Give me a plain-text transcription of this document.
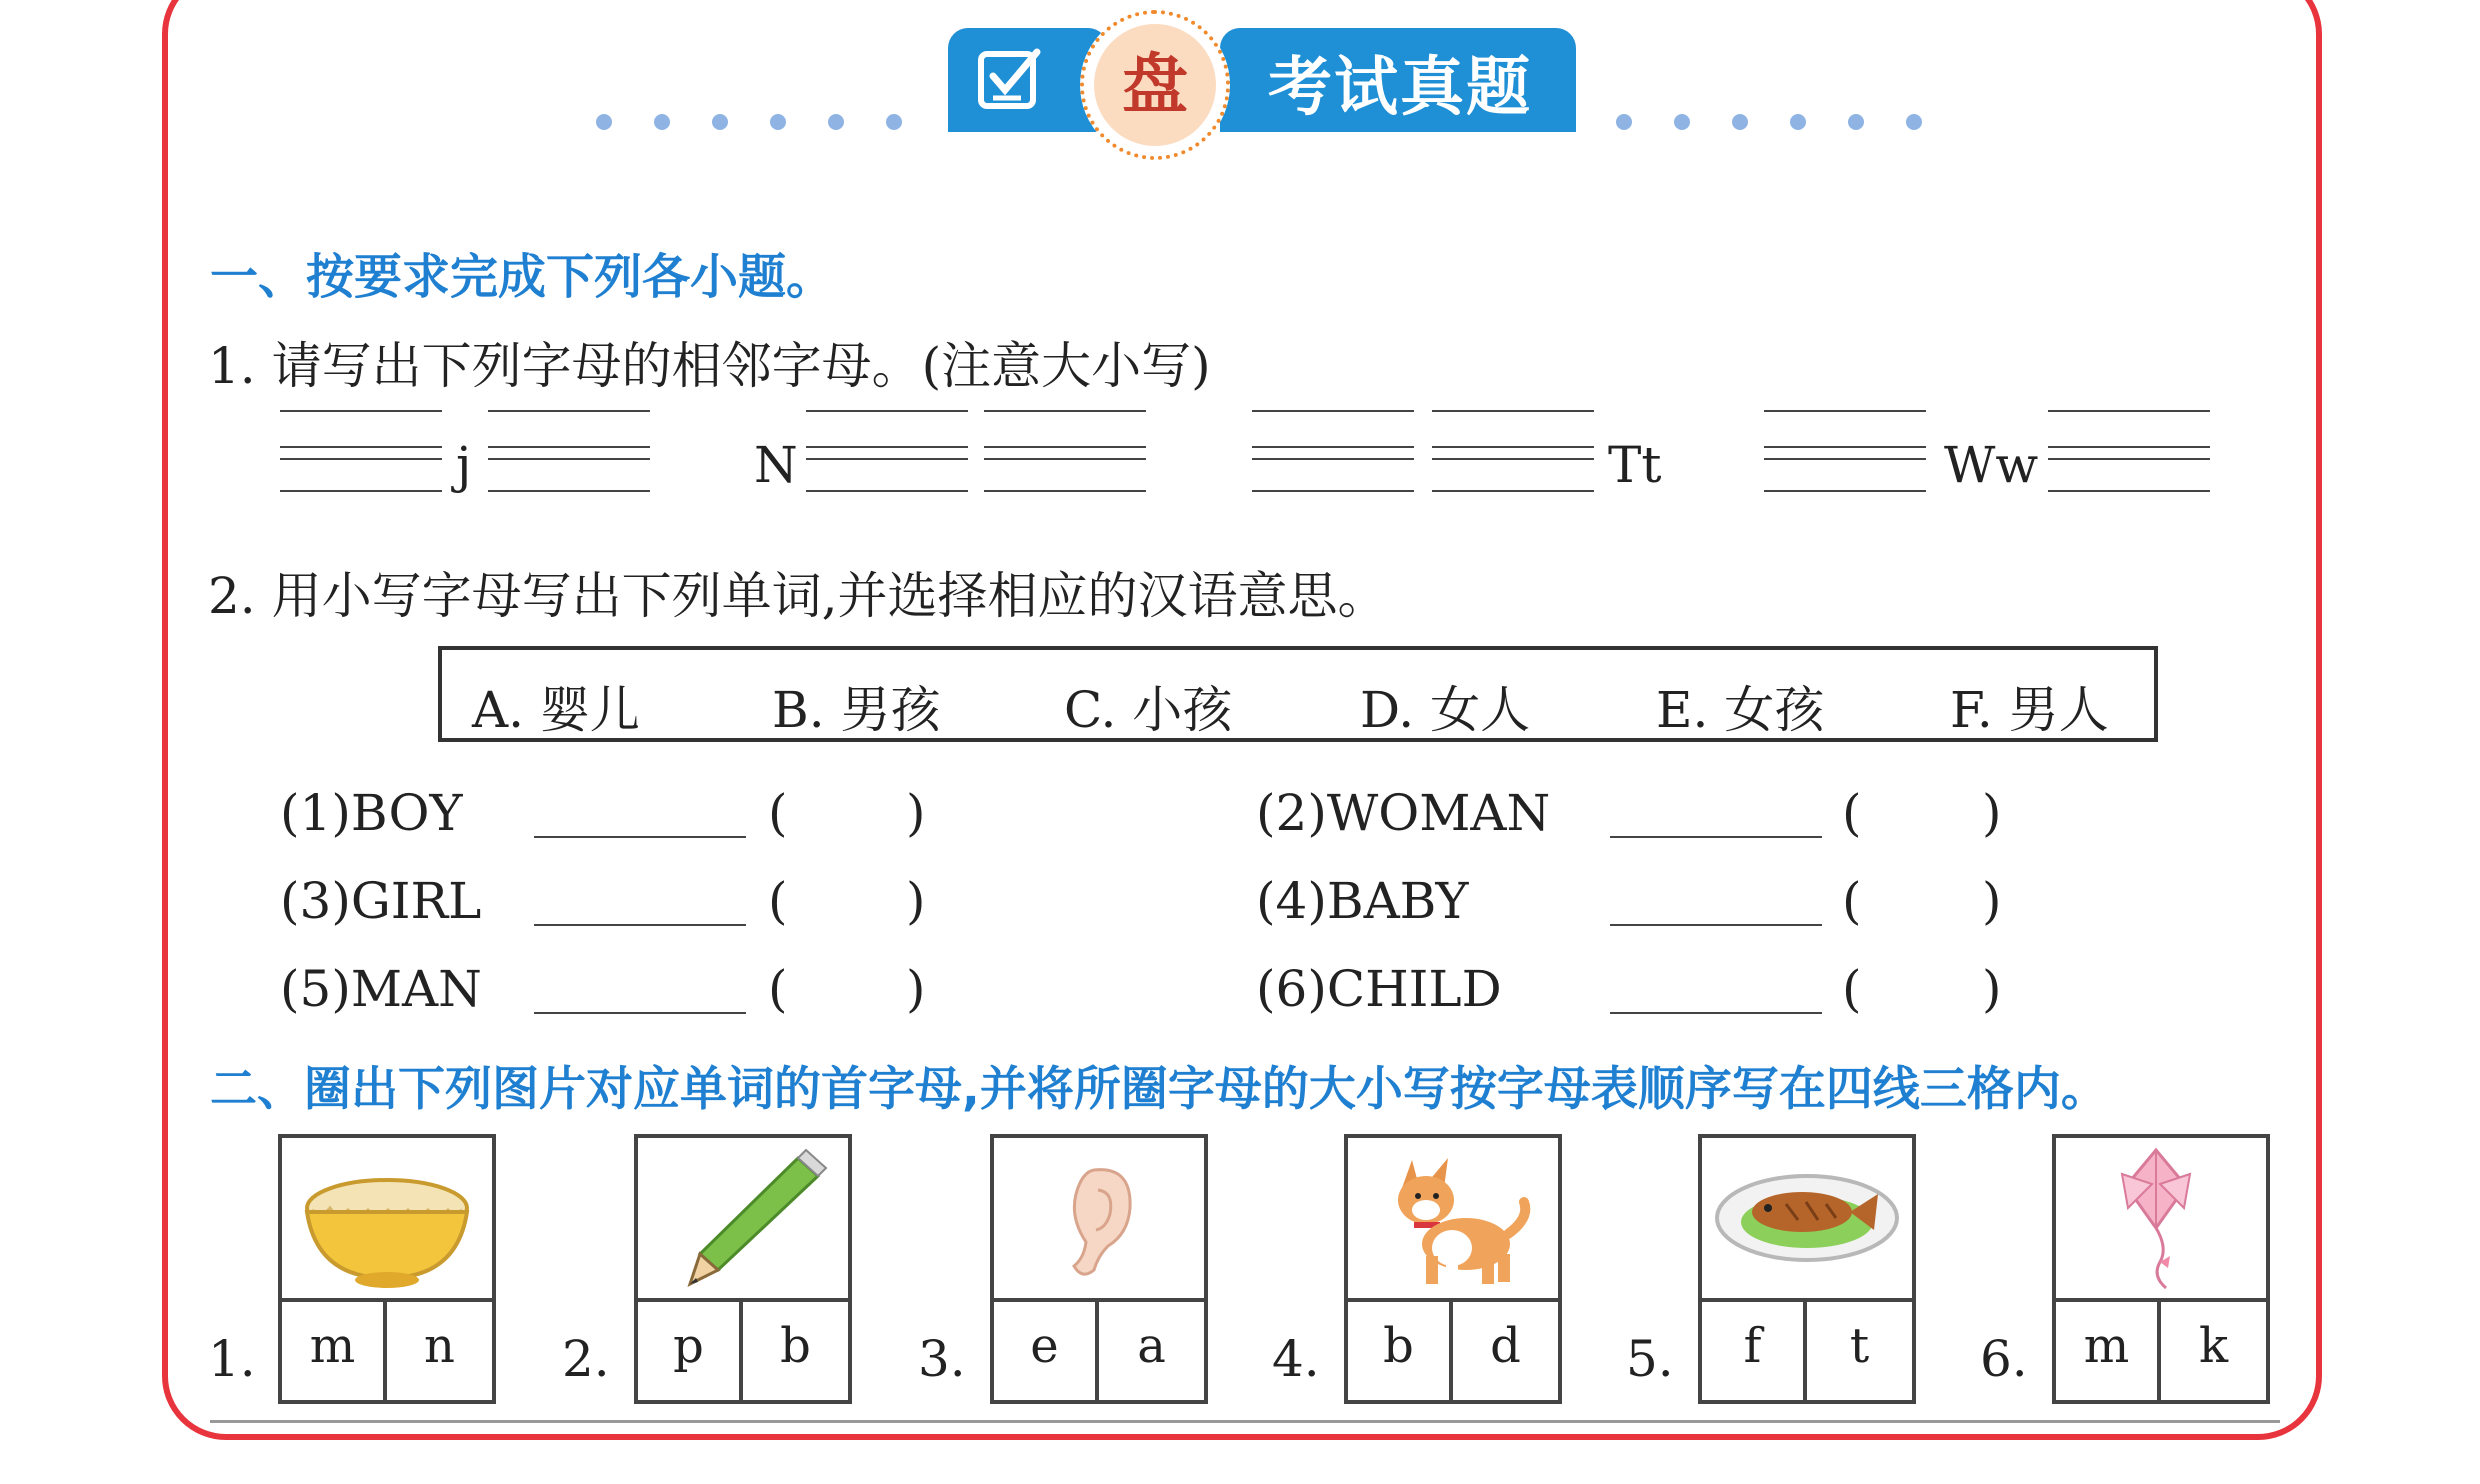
盘	考试真题
一、按要求完成下列各小题。
1. 请写出下列字母的相邻字母。(注意大小写)
j	N	Tt	Ww
2. 用小写字母写出下列单词,并选择相应的汉语意思。
A. 婴儿	B. 男孩 C. 小孩	D. 女人	E. 女孩	F. 男人
(1)BOY	( )	(2)WOMAN	( )
(3)GIRL	( )	(4)BABY	( )
(5)MAN	( )	(6)CHILD	( )
二、圈出下列图片对应单词的首字母,并将所圈字母的大小写按字母表顺序写在四线三格内。
1.	m	n	2.	p	b	3.	e	a	4.	b	d	5.	f	t	6.	m	k
